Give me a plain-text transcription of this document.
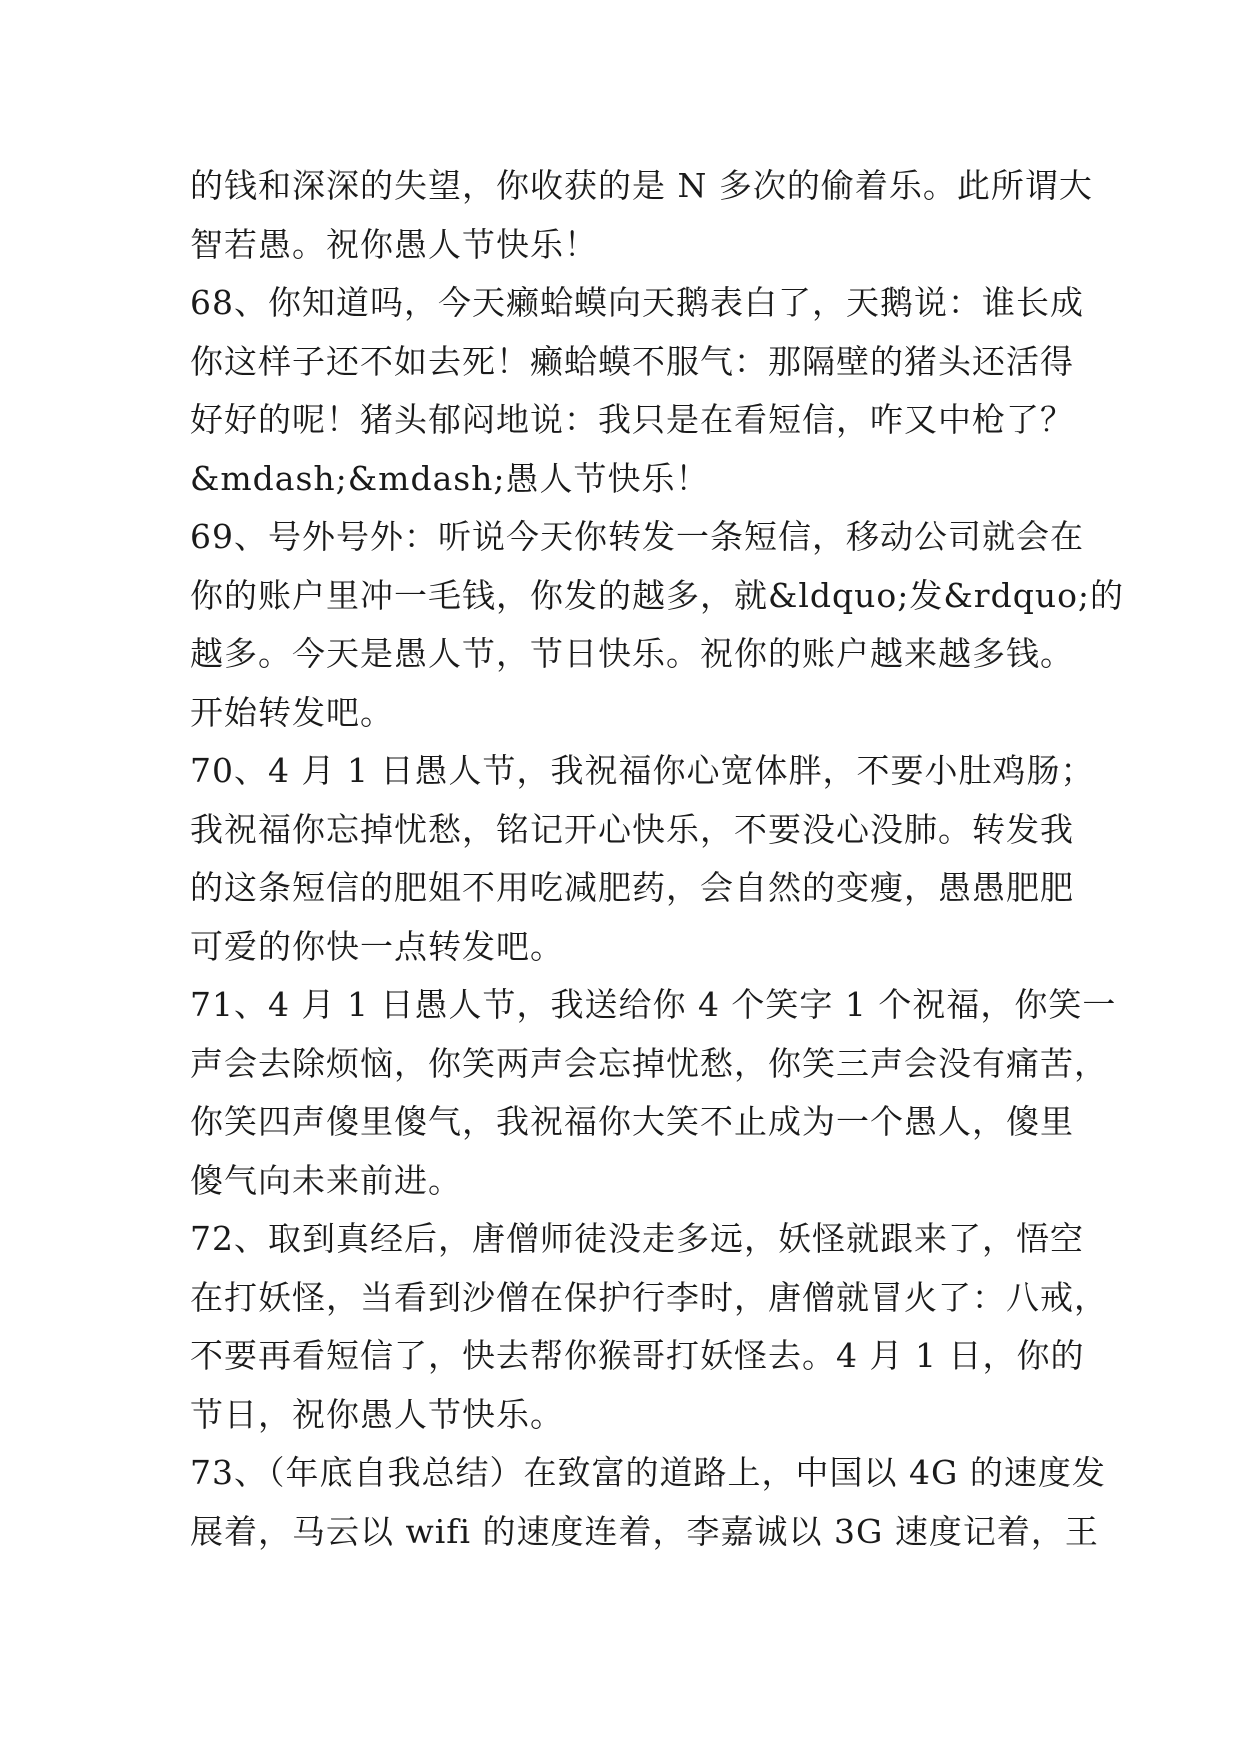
的钱和深深的失望，你收获的是 N 多次的偷着乐。此所谓大
智若愚。祝你愚人节快乐！
68、你知道吗，今天癞蛤蟆向天鹅表白了，天鹅说：谁长成
你这样子还不如去死！癞蛤蟆不服气：那隔壁的猪头还活得
好好的呢！猪头郁闷地说：我只是在看短信，咋又中枪了？
&mdash;&mdash;愚人节快乐！
69、号外号外：听说今天你转发一条短信，移动公司就会在
你的账户里冲一毛钱，你发的越多，就&ldquo;发&rdquo;的
越多。今天是愚人节，节日快乐。祝你的账户越来越多钱。
开始转发吧。
70、4 月 1 日愚人节，我祝福你心宽体胖，不要小肚鸡肠；
我祝福你忘掉忧愁，铭记开心快乐，不要没心没肺。转发我
的这条短信的肥姐不用吃减肥药，会自然的变瘦，愚愚肥肥
可爱的你快一点转发吧。
71、4 月 1 日愚人节，我送给你 4 个笑字 1 个祝福，你笑一
声会去除烦恼，你笑两声会忘掉忧愁，你笑三声会没有痛苦，
你笑四声傻里傻气，我祝福你大笑不止成为一个愚人，傻里
傻气向未来前进。
72、取到真经后，唐僧师徒没走多远，妖怪就跟来了，悟空
在打妖怪，当看到沙僧在保护行李时，唐僧就冒火了：八戒，
不要再看短信了，快去帮你猴哥打妖怪去。4 月 1 日，你的
节日，祝你愚人节快乐。
73、（年底自我总结）在致富的道路上，中国以 4G 的速度发
展着，马云以 wifi 的速度连着，李嘉诚以 3G 速度记着，王
